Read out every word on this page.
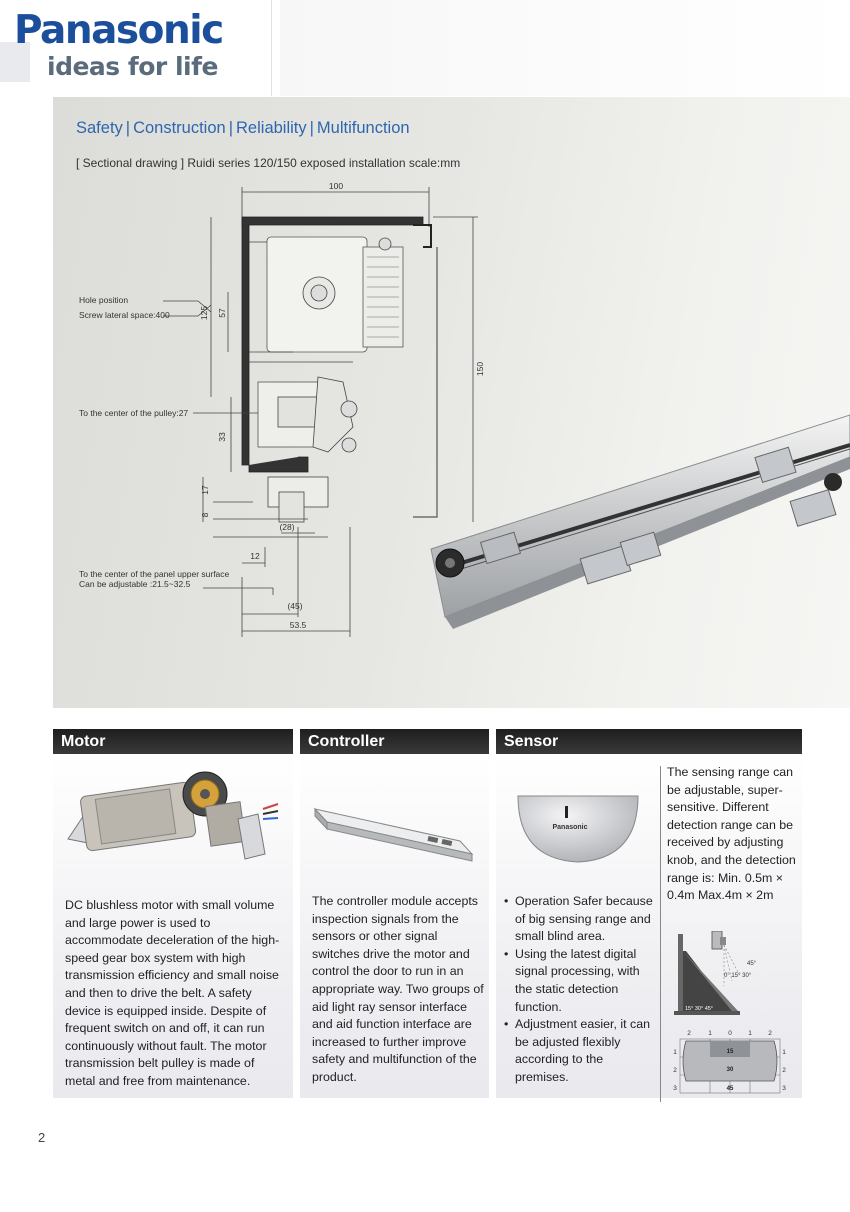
Panasonic
ideas for life
Safety | Construction | Reliability | Multifunction
[ Sectional drawing ] Ruidi series 120/150 exposed installation scale:mm
100
150
125 57
33
17
8
(28)
12
(45)
53.5
Hole position
Screw lateral space:400
To the center of the pulley:27
To the center of the panel upper surface
Can be adjustable :21.5~32.5
Motor
DC blushless motor with small volume and large power is used to accommodate deceleration of the high-speed gear box system with high transmission efficiency and small noise and then to drive the belt. A safety device is equipped inside. Despite of frequent switch on and off, it can run continuously without fault. The motor transmission belt pulley is made of metal and free from maintenance.
Controller
The controller module accepts inspection signals from the sensors or other signal switches drive the motor and control the door to run in an appropriate way. Two groups of aid light ray sensor interface and aid function interface are increased to further improve safety and multifunction of the product.
Sensor
Panasonic
• Operation Safer because of big sensing range and small blind area.
• Using the latest digital signal processing, with the static detection function.
• Adjustment easier, it can be adjusted flexibly according to the premises.
The sensing range can be adjustable, super-sensitive. Different detection range can be received by adjusting knob, and the detection range is: Min. 0.5m × 0.4m Max.4m × 2m
45°
0° 15° 30°
15° 30° 45°
2	1	0	1	2
1
2
3
1
2
3
15
30
45
2
